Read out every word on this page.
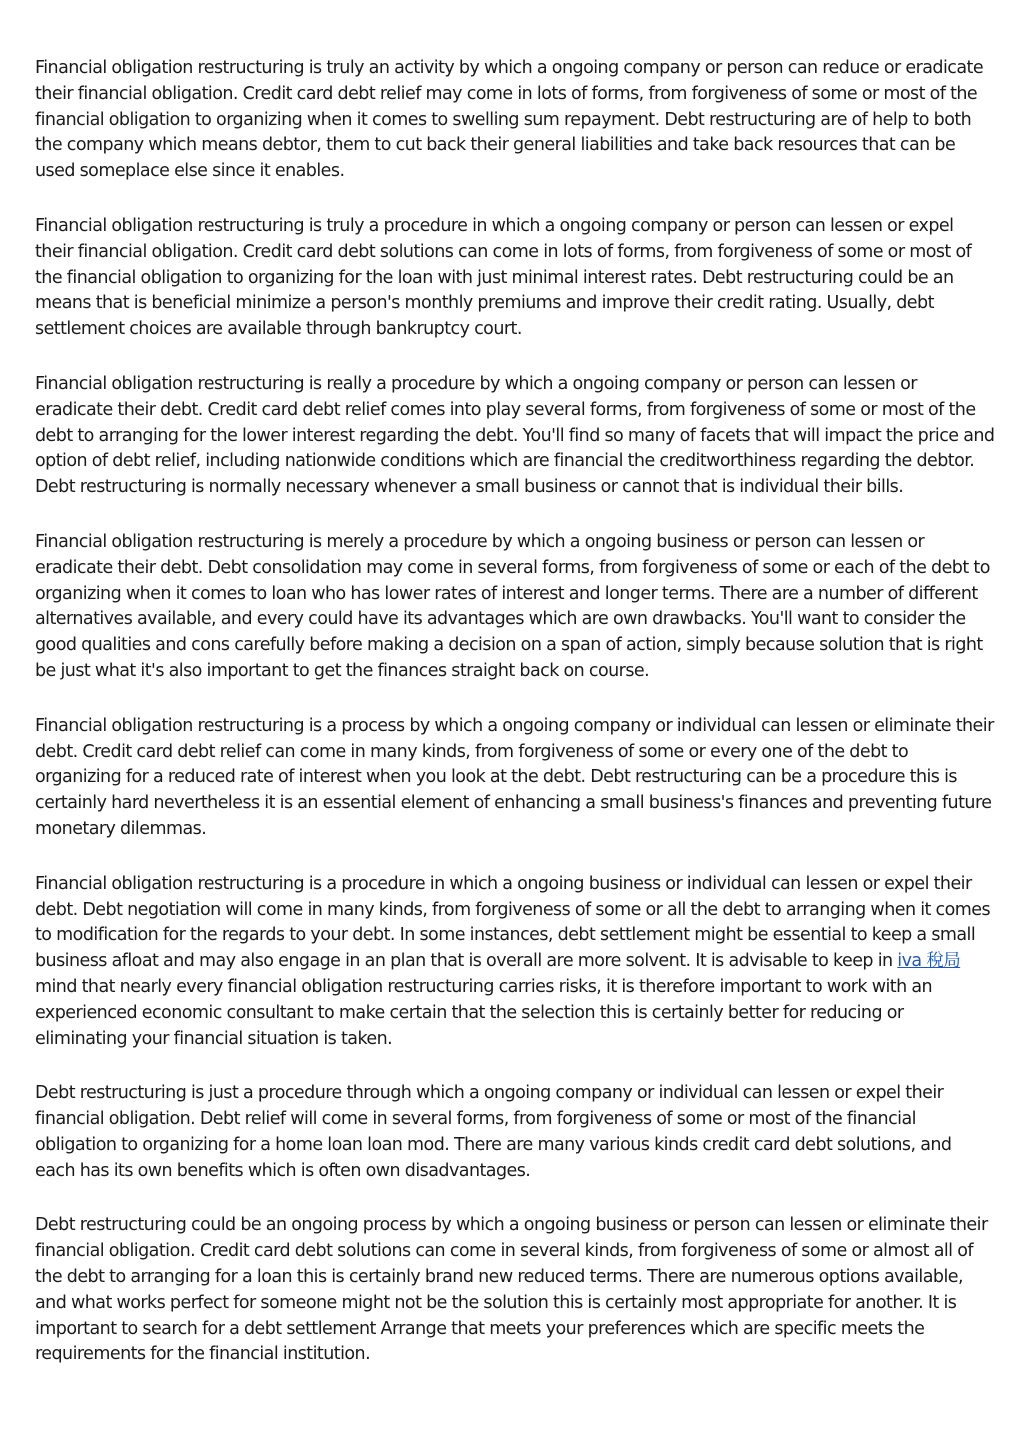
Financial obligation restructuring is truly an activity by which a ongoing company or person can reduce or eradicate their financial obligation. Credit card debt relief may come in lots of forms, from forgiveness of some or most of the financial obligation to organizing when it comes to swelling sum repayment. Debt restructuring are of help to both the company which means debtor, them to cut back their general liabilities and take back resources that can be used someplace else since it enables.

Financial obligation restructuring is truly a procedure in which a ongoing company or person can lessen or expel their financial obligation. Credit card debt solutions can come in lots of forms, from forgiveness of some or most of the financial obligation to organizing for the loan with just minimal interest rates. Debt restructuring could be an means that is beneficial minimize a person's monthly premiums and improve their credit rating. Usually, debt settlement choices are available through bankruptcy court.

Financial obligation restructuring is really a procedure by which a ongoing company or person can lessen or eradicate their debt. Credit card debt relief comes into play several forms, from forgiveness of some or most of the debt to arranging for the lower interest regarding the debt. You'll find so many of facets that will impact the price and option of debt relief, including nationwide conditions which are financial the creditworthiness regarding the debtor. Debt restructuring is normally necessary whenever a small business or cannot that is individual their bills.

Financial obligation restructuring is merely a procedure by which a ongoing business or person can lessen or eradicate their debt. Debt consolidation may come in several forms, from forgiveness of some or each of the debt to organizing when it comes to loan who has lower rates of interest and longer terms. There are a number of different alternatives available, and every could have its advantages which are own drawbacks. You'll want to consider the good qualities and cons carefully before making a decision on a span of action, simply because solution that is right be just what it's also important to get the finances straight back on course.

Financial obligation restructuring is a process by which a ongoing company or individual can lessen or eliminate their debt. Credit card debt relief can come in many kinds, from forgiveness of some or every one of the debt to organizing for a reduced rate of interest when you look at the debt. Debt restructuring can be a procedure this is certainly hard nevertheless it is an essential element of enhancing a small business's finances and preventing future monetary dilemmas.

Financial obligation restructuring is a procedure in which a ongoing business or individual can lessen or expel their debt. Debt negotiation will come in many kinds, from forgiveness of some or all the debt to arranging when it comes to modification for the regards to your debt. In some instances, debt settlement might be essential to keep a small business afloat and may also engage in an plan that is overall are more solvent. It is advisable to keep in iva 稅局 mind that nearly every financial obligation restructuring carries risks, it is therefore important to work with an experienced economic consultant to make certain that the selection this is certainly better for reducing or eliminating your financial situation is taken.

Debt restructuring is just a procedure through which a ongoing company or individual can lessen or expel their financial obligation. Debt relief will come in several forms, from forgiveness of some or most of the financial obligation to organizing for a home loan loan mod. There are many various kinds credit card debt solutions, and each has its own benefits which is often own disadvantages.

Debt restructuring could be an ongoing process by which a ongoing business or person can lessen or eliminate their financial obligation. Credit card debt solutions can come in several kinds, from forgiveness of some or almost all of the debt to arranging for a loan this is certainly brand new reduced terms. There are numerous options available, and what works perfect for someone might not be the solution this is certainly most appropriate for another. It is important to search for a debt settlement Arrange that meets your preferences which are specific meets the requirements for the financial institution.
